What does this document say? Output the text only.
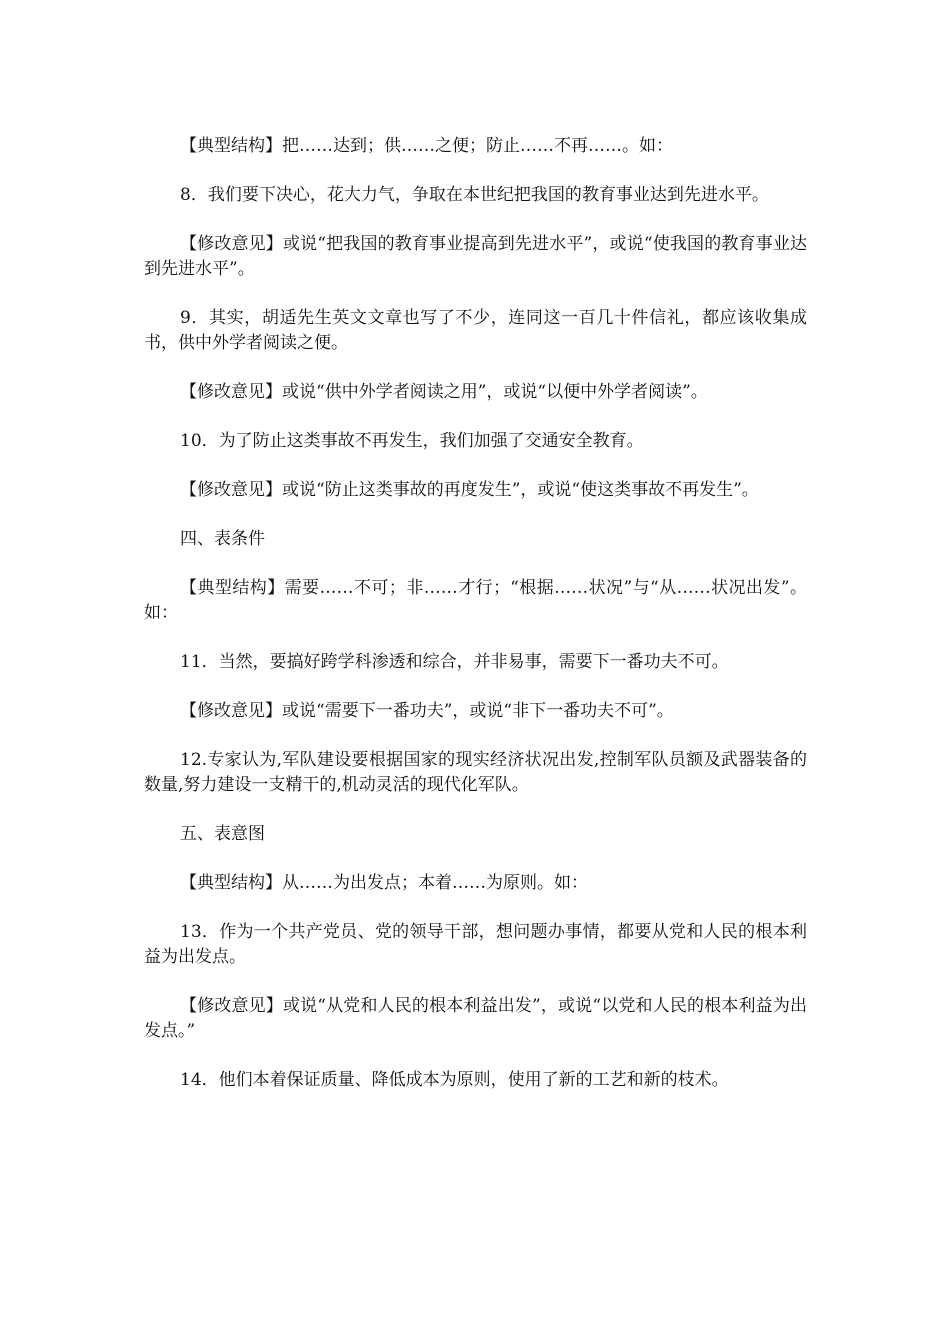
【典型结构】把……达到；供……之便；防止……不再……。如：

8．我们要下决心，花大力气，争取在本世纪把我国的教育事业达到先进水平。

【修改意见】或说“把我国的教育事业提高到先进水平”，或说“使我国的教育事业达到先进水平”。

9．其实，胡适先生英文文章也写了不少，连同这一百几十件信礼，都应该收集成书，供中外学者阅读之便。

【修改意见】或说“供中外学者阅读之用”，或说“以便中外学者阅读”。

10．为了防止这类事故不再发生，我们加强了交通安全教育。

【修改意见】或说“防止这类事故的再度发生”，或说“使这类事故不再发生”。

四、表条件

【典型结构】需要……不可；非……才行；“根据……状况”与“从……状况出发”。如：

11．当然，要搞好跨学科渗透和综合，并非易事，需要下一番功夫不可。

【修改意见】或说“需要下一番功夫”，或说“非下一番功夫不可”。

12.专家认为,军队建设要根据国家的现实经济状况出发,控制军队员额及武器装备的数量,努力建设一支精干的,机动灵活的现代化军队。

五、表意图

【典型结构】从……为出发点；本着……为原则。如：

13．作为一个共产党员、党的领导干部，想问题办事情，都要从党和人民的根本利益为出发点。

【修改意见】或说“从党和人民的根本利益出发”，或说“以党和人民的根本利益为出发点。”

14．他们本着保证质量、降低成本为原则，使用了新的工艺和新的枝术。
